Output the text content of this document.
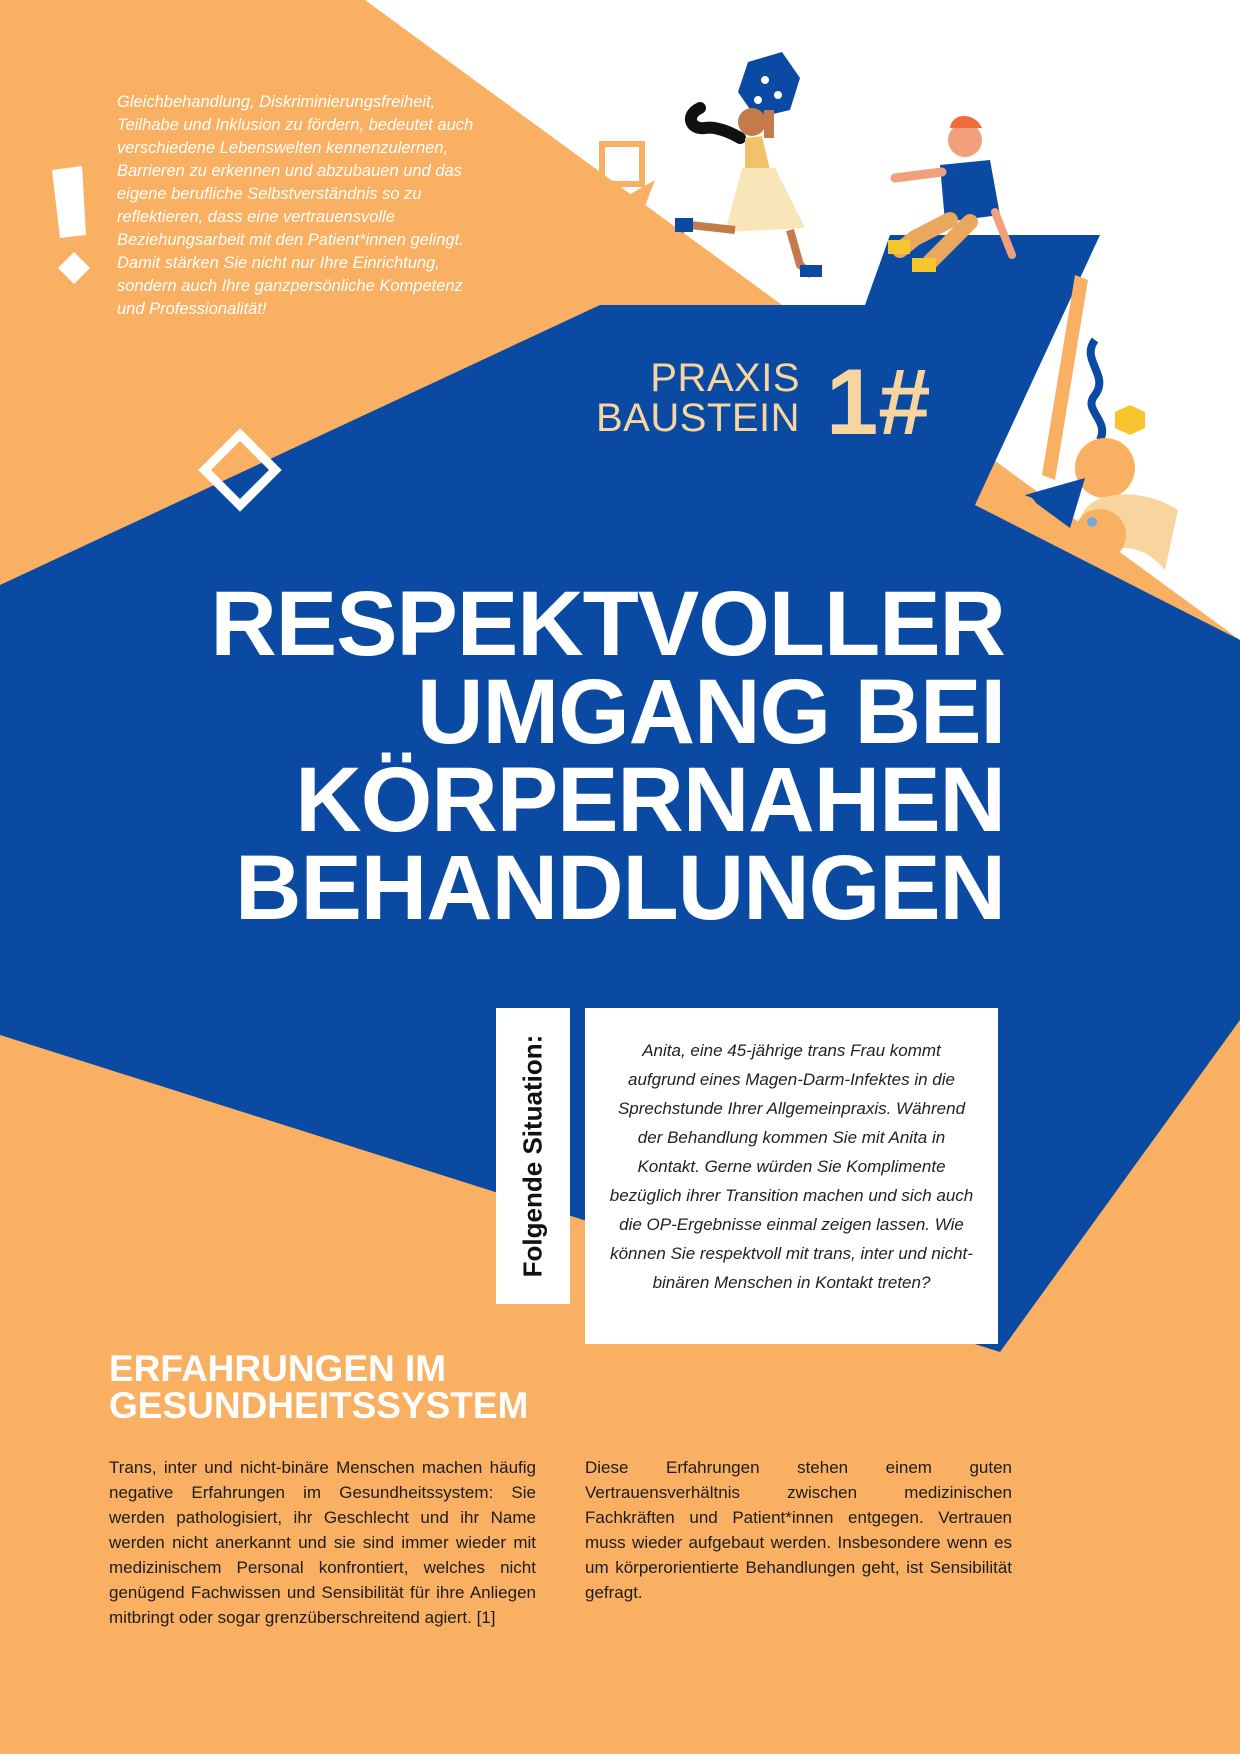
Gleichbehandlung, Diskriminierungsfreiheit, Teilhabe und Inklusion zu fördern, bedeutet auch verschiedene Lebenswelten kennenzulernen, Barrieren zu erkennen und abzubauen und das eigene berufliche Selbstverständnis so zu reflektieren, dass eine vertrauensvolle Beziehungsarbeit mit den Patient*innen gelingt. Damit stärken Sie nicht nur Ihre Einrichtung, sondern auch Ihre ganzpersönliche Kompetenz und Professionalität!
PRAXIS
BAUSTEIN 1#
RESPEKTVOLLER
UMGANG BEI
KÖRPERNAHEN
BEHANDLUNGEN
Folgende Situation:	Anita, eine 45-jährige trans Frau kommt aufgrund eines Magen-Darm-Infektes in die Sprechstunde Ihrer Allgemeinpraxis. Während der Behandlung kommen Sie mit Anita in Kontakt. Gerne würden Sie Komplimente bezüglich ihrer Transition machen und sich auch die OP-Ergebnisse einmal zeigen lassen. Wie können Sie respektvoll mit trans, inter und nicht-binären Menschen in Kontakt treten?
ERFAHRUNGEN IM
GESUNDHEITSSYSTEM
Trans, inter und nicht-binäre Menschen machen häufig negative Erfahrungen im Gesundheitssystem: Sie werden pathologisiert, ihr Geschlecht und ihr Name werden nicht anerkannt und sie sind immer wieder mit medizinischem Personal konfrontiert, welches nicht genügend Fachwissen und Sensibilität für ihre Anliegen mitbringt oder sogar grenzüberschreitend agiert. [1]
Diese Erfahrungen stehen einem guten Vertrauensverhältnis zwischen medizinischen Fachkräften und Patient*innen entgegen. Vertrauen muss wieder aufgebaut werden. Insbesondere wenn es um körperorientierte Behandlungen geht, ist Sensibilität gefragt.
